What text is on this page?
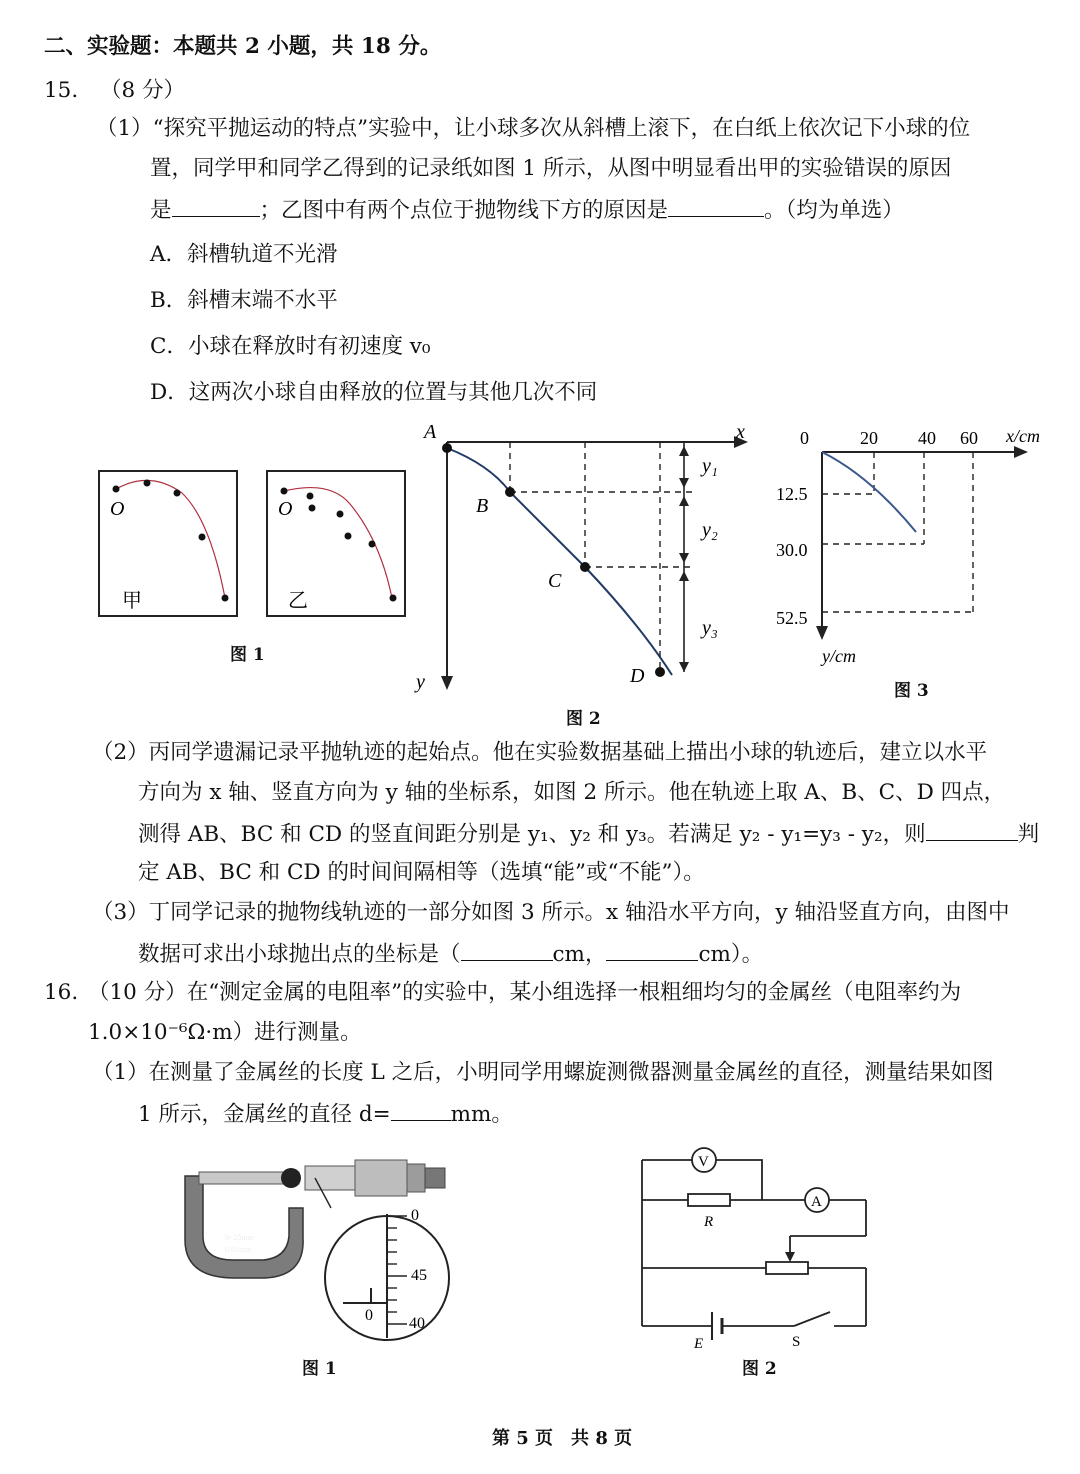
二、实验题：本题共 2 小题，共 18 分。
15. （8 分）
（1）“探究平抛运动的特点”实验中，让小球多次从斜槽上滚下，在白纸上依次记下小球的位
置，同学甲和同学乙得到的记录纸如图 1 所示，从图中明显看出甲的实验错误的原因
是	；乙图中有两个点位于抛物线下方的原因是	。（均为单选）
A．斜槽轨道不光滑
B．斜槽末端不水平
C．小球在释放时有初速度 v₀
D．这两次小球自由释放的位置与其他几次不同
O
甲
O
乙
图 1
x
y
A
B
C
D
y₁
y₂
y₃
图 2
0	20 40 60 x/cm
12.5
30.0
52.5
y/cm
图 3
（2）丙同学遗漏记录平抛轨迹的起始点。他在实验数据基础上描出小球的轨迹后，建立以水平
方向为 x 轴、竖直方向为 y 轴的坐标系，如图 2 所示。他在轨迹上取 A、B、C、D 四点，
测得 AB、BC 和 CD 的竖直间距分别是 y₁、y₂ 和 y₃。若满足 y₂ - y₁=y₃ - y₂，则	判
定 AB、BC 和 CD 的时间间隔相等（选填“能”或“不能”）。
（3）丁同学记录的抛物线轨迹的一部分如图 3 所示。x 轴沿水平方向，y 轴沿竖直方向，由图中
数据可求出小球抛出点的坐标是（	cm，	cm）。
16. （10 分）在“测定金属的电阻率”的实验中，某小组选择一根粗细均匀的金属丝（电阻率约为
1.0×10⁻⁶Ω·m）进行测量。
（1）在测量了金属丝的长度 L 之后，小明同学用螺旋测微器测量金属丝的直径，测量结果如图
1 所示，金属丝的直径 d=	mm。
0~25mm
0.01mm
0
45
40
0
图 1
V
R
A
E	S
图 2
第 5 页　共 8 页
